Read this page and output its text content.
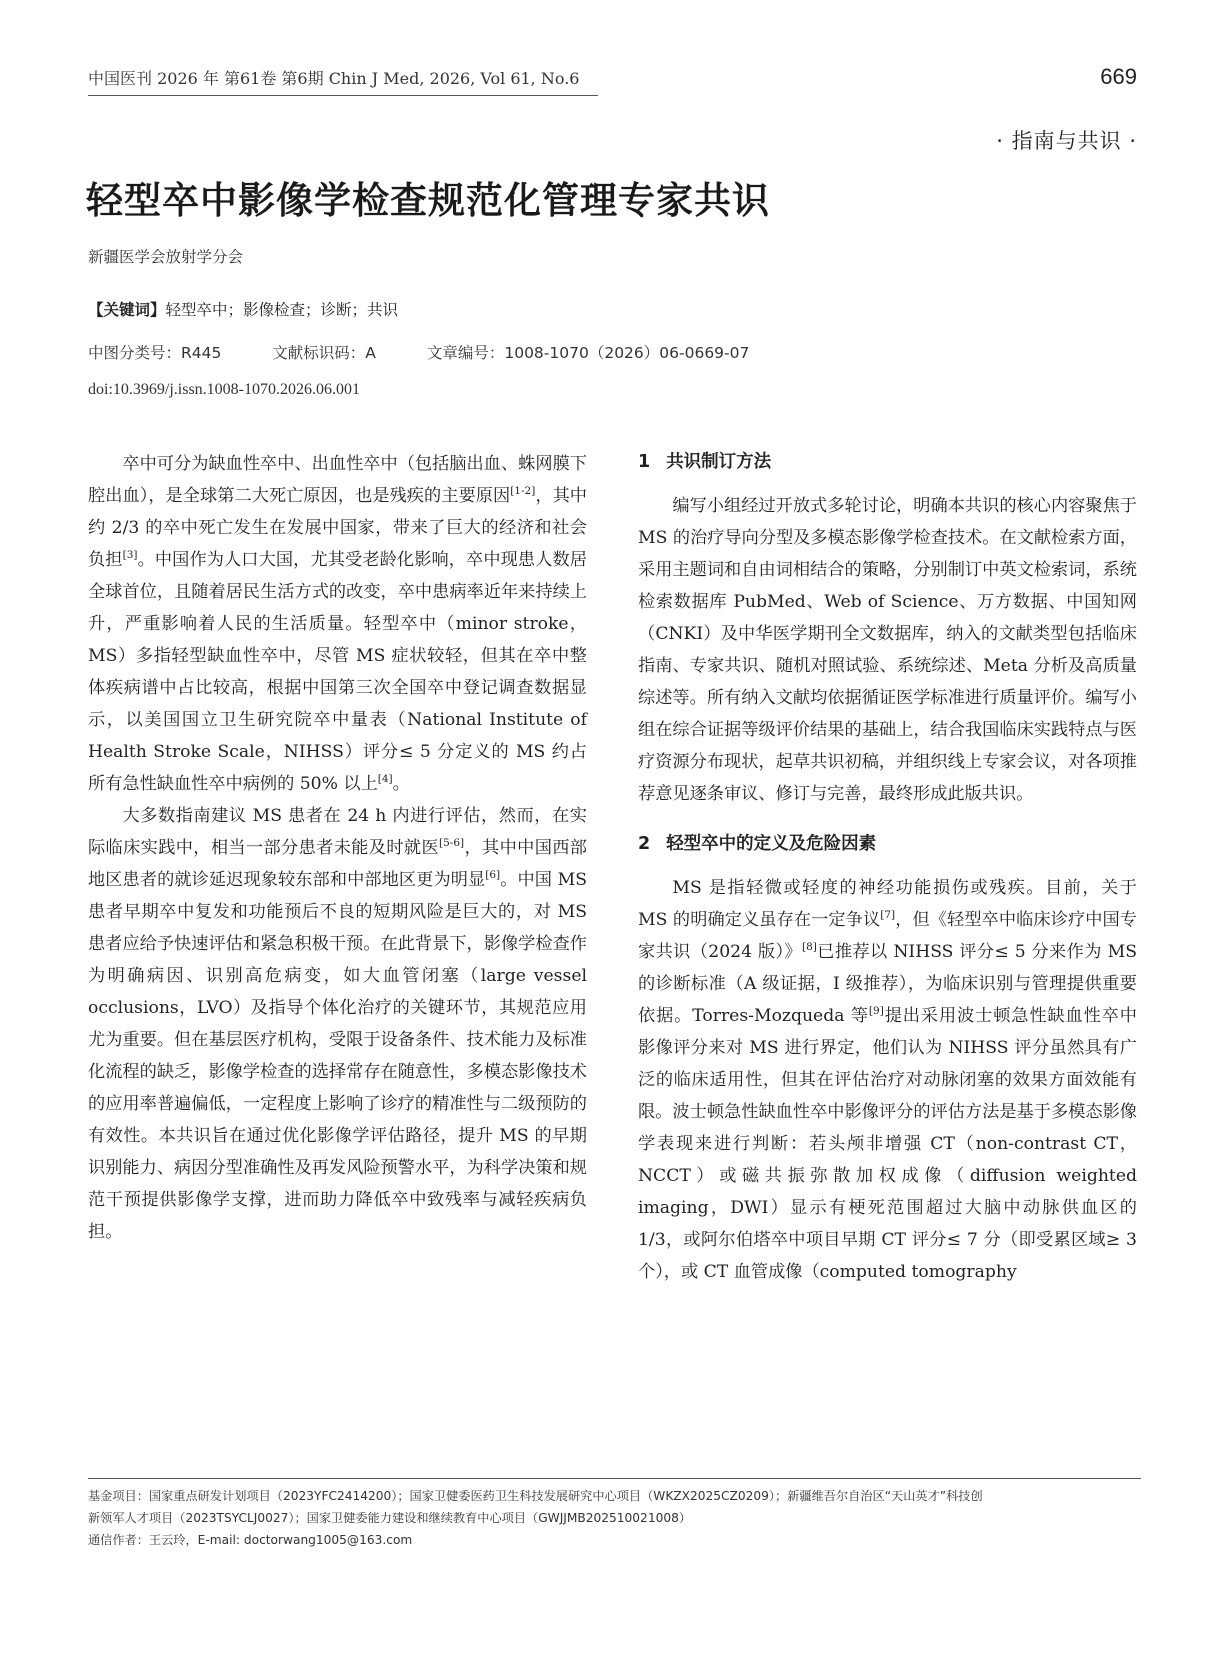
中国医刊 2026 年 第61卷 第6期 Chin J Med, 2026, Vol 61, No.6	669
· 指南与共识 ·
轻型卒中影像学检查规范化管理专家共识
新疆医学会放射学分会
【关键词】轻型卒中；影像检查；诊断；共识
中图分类号：R445	文献标识码：A	文章编号：1008-1070（2026）06-0669-07
doi:10.3969/j.issn.1008-1070.2026.06.001

卒中可分为缺血性卒中、出血性卒中（包括脑出血、蛛网膜下腔出血），是全球第二大死亡原因，也是残疾的主要原因[1-2]，其中约 2/3 的卒中死亡发生在发展中国家，带来了巨大的经济和社会负担[3]。中国作为人口大国，尤其受老龄化影响，卒中现患人数居全球首位，且随着居民生活方式的改变，卒中患病率近年来持续上升，严重影响着人民的生活质量。轻型卒中（minor stroke，MS）多指轻型缺血性卒中，尽管 MS 症状较轻，但其在卒中整体疾病谱中占比较高，根据中国第三次全国卒中登记调查数据显示，以美国国立卫生研究院卒中量表（National Institute of Health Stroke Scale，NIHSS）评分≤ 5 分定义的 MS 约占所有急性缺血性卒中病例的 50% 以上[4]。

大多数指南建议 MS 患者在 24 h 内进行评估，然而，在实际临床实践中，相当一部分患者未能及时就医[5-6]，其中中国西部地区患者的就诊延迟现象较东部和中部地区更为明显[6]。中国 MS 患者早期卒中复发和功能预后不良的短期风险是巨大的，对 MS 患者应给予快速评估和紧急积极干预。在此背景下，影像学检查作为明确病因、识别高危病变，如大血管闭塞（large vessel occlusions，LVO）及指导个体化治疗的关键环节，其规范应用尤为重要。但在基层医疗机构，受限于设备条件、技术能力及标准化流程的缺乏，影像学检查的选择常存在随意性，多模态影像技术的应用率普遍偏低，一定程度上影响了诊疗的精准性与二级预防的有效性。本共识旨在通过优化影像学评估路径，提升 MS 的早期识别能力、病因分型准确性及再发风险预警水平，为科学决策和规范干预提供影像学支撑，进而助力降低卒中致残率与减轻疾病负担。

1 共识制订方法

编写小组经过开放式多轮讨论，明确本共识的核心内容聚焦于 MS 的治疗导向分型及多模态影像学检查技术。在文献检索方面，采用主题词和自由词相结合的策略，分别制订中英文检索词，系统检索数据库 PubMed、Web of Science、万方数据、中国知网（CNKI）及中华医学期刊全文数据库，纳入的文献类型包括临床指南、专家共识、随机对照试验、系统综述、Meta 分析及高质量综述等。所有纳入文献均依据循证医学标准进行质量评价。编写小组在综合证据等级评价结果的基础上，结合我国临床实践特点与医疗资源分布现状，起草共识初稿，并组织线上专家会议，对各项推荐意见逐条审议、修订与完善，最终形成此版共识。

2 轻型卒中的定义及危险因素

MS 是指轻微或轻度的神经功能损伤或残疾。目前，关于 MS 的明确定义虽存在一定争议[7]，但《轻型卒中临床诊疗中国专家共识（2024 版）》[8]已推荐以 NIHSS 评分≤ 5 分来作为 MS 的诊断标准（A 级证据，I 级推荐），为临床识别与管理提供重要依据。Torres-Mozqueda 等[9]提出采用波士顿急性缺血性卒中影像评分来对 MS 进行界定，他们认为 NIHSS 评分虽然具有广泛的临床适用性，但其在评估治疗对动脉闭塞的效果方面效能有限。波士顿急性缺血性卒中影像评分的评估方法是基于多模态影像学表现来进行判断：若头颅非增强 CT（non-contrast CT，NCCT）或磁共振弥散加权成像（diffusion weighted imaging，DWI）显示有梗死范围超过大脑中动脉供血区的 1/3，或阿尔伯塔卒中项目早期 CT 评分≤ 7 分（即受累区域≥ 3 个），或 CT 血管成像（computed tomography

基金项目：国家重点研发计划项目（2023YFC2414200）；国家卫健委医药卫生科技发展研究中心项目（WKZX2025CZ0209）；新疆维吾尔自治区“天山英才”科技创
新领军人才项目（2023TSYCLJ0027）；国家卫健委能力建设和继续教育中心项目（GWJJMB202510021008）
通信作者：王云玲，E-mail: doctorwang1005@163.com
